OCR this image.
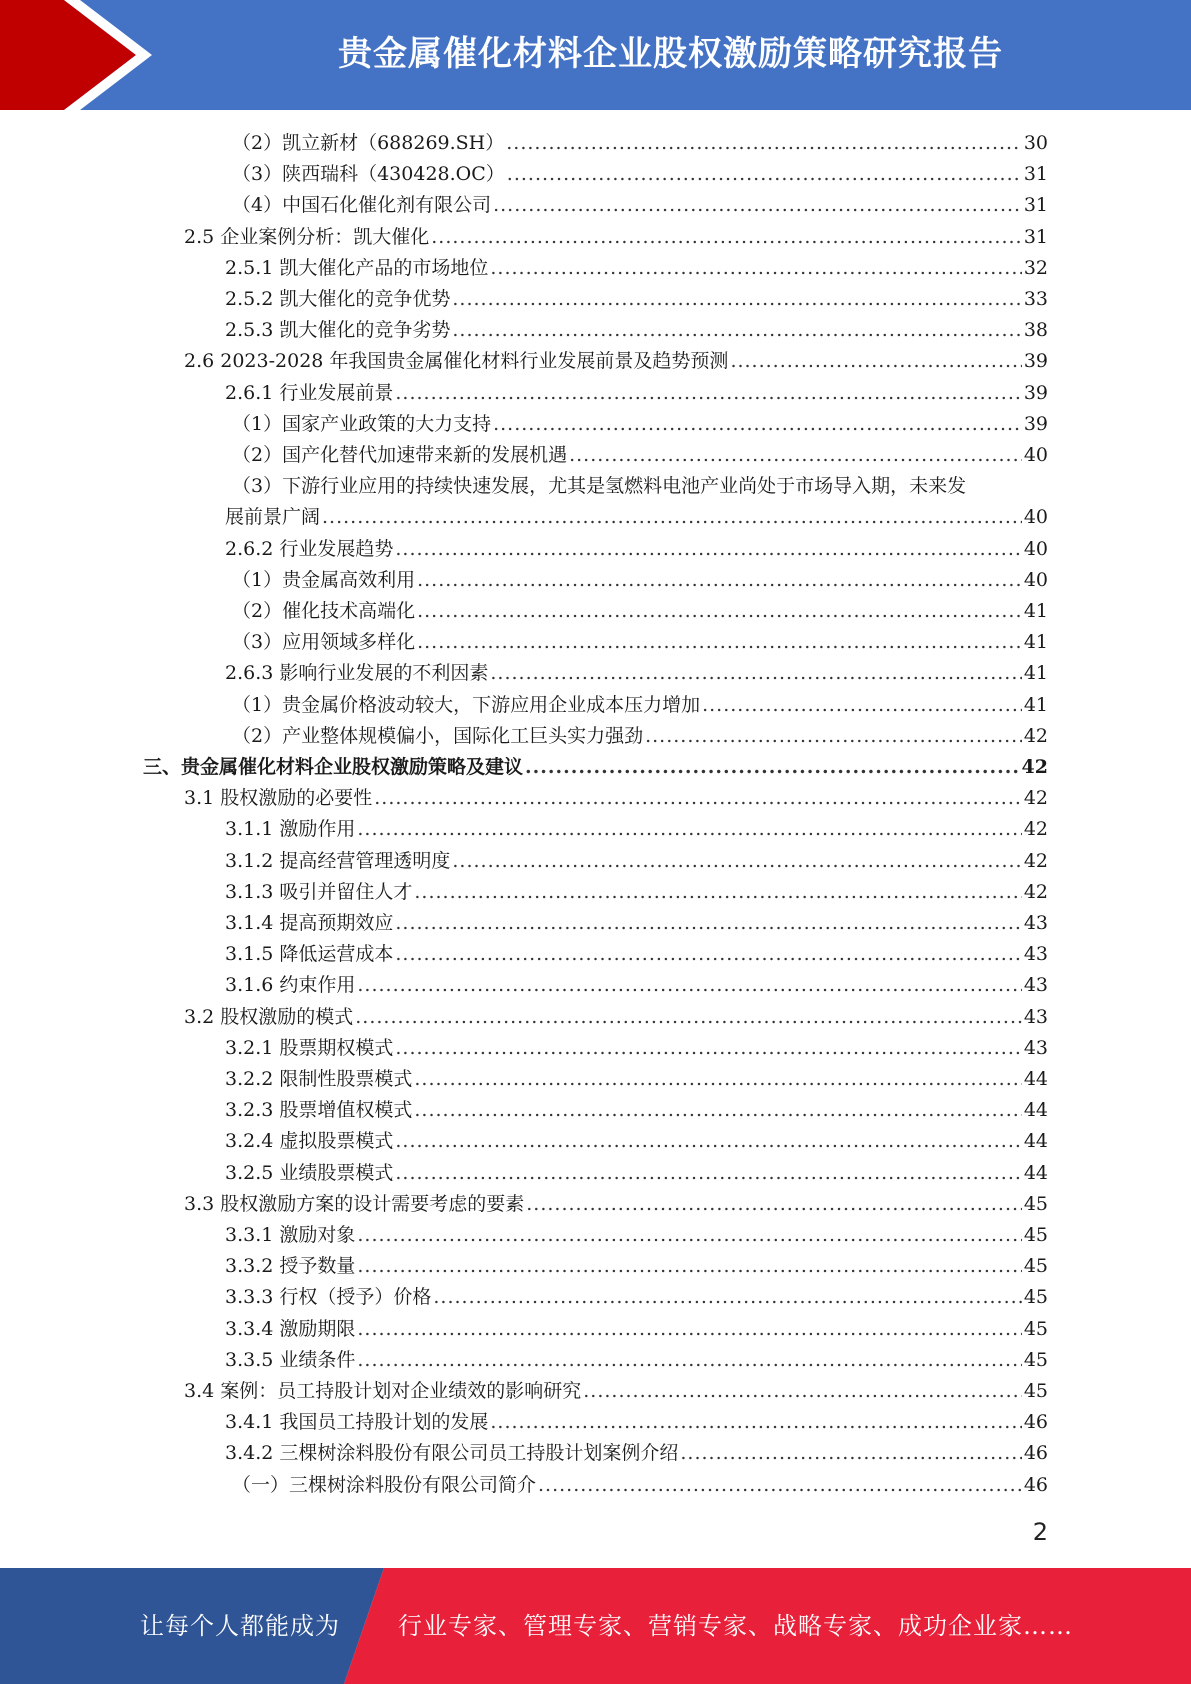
贵金属催化材料企业股权激励策略研究报告
（2）凯立新材（688269.SH） .....	30
（3）陕西瑞科（430428.OC） .....	31
（4）中国石化催化剂有限公司 .....	31
2.5 企业案例分析：凯大催化 .....	31
2.5.1 凯大催化产品的市场地位 .....	32
2.5.2 凯大催化的竞争优势 .....	33
2.5.3 凯大催化的竞争劣势 .....	38
2.6 2023-2028 年我国贵金属催化材料行业发展前景及趋势预测 .....	39
2.6.1 行业发展前景 .....	39
（1）国家产业政策的大力支持 .....	39
（2）国产化替代加速带来新的发展机遇 .....	40
（3）下游行业应用的持续快速发展，尤其是氢燃料电池产业尚处于市场导入期，未来发
展前景广阔 .....	40
2.6.2 行业发展趋势 .....	40
（1）贵金属高效利用 .....	40
（2）催化技术高端化 .....	41
（3）应用领域多样化 .....	41
2.6.3 影响行业发展的不利因素 .....	41
（1）贵金属价格波动较大，下游应用企业成本压力增加 .....	41
（2）产业整体规模偏小，国际化工巨头实力强劲 .....	42
三、贵金属催化材料企业股权激励策略及建议 .....	42
3.1 股权激励的必要性 .....	42
3.1.1 激励作用 .....	42
3.1.2 提高经营管理透明度 .....	42
3.1.3 吸引并留住人才 .....	42
3.1.4 提高预期效应 .....	43
3.1.5 降低运营成本 .....	43
3.1.6 约束作用 .....	43
3.2 股权激励的模式 .....	43
3.2.1 股票期权模式 .....	43
3.2.2 限制性股票模式 .....	44
3.2.3 股票增值权模式 .....	44
3.2.4 虚拟股票模式 .....	44
3.2.5 业绩股票模式 .....	44
3.3 股权激励方案的设计需要考虑的要素 .....	45
3.3.1 激励对象 .....	45
3.3.2 授予数量 .....	45
3.3.3 行权（授予）价格 .....	45
3.3.4 激励期限 .....	45
3.3.5 业绩条件 .....	45
3.4 案例：员工持股计划对企业绩效的影响研究 .....	45
3.4.1 我国员工持股计划的发展 .....	46
3.4.2 三棵树涂料股份有限公司员工持股计划案例介绍 .....	46
（一）三棵树涂料股份有限公司简介 .....	46
2
让每个人都能成为 行业专家、管理专家、营销专家、战略专家、成功企业家……
